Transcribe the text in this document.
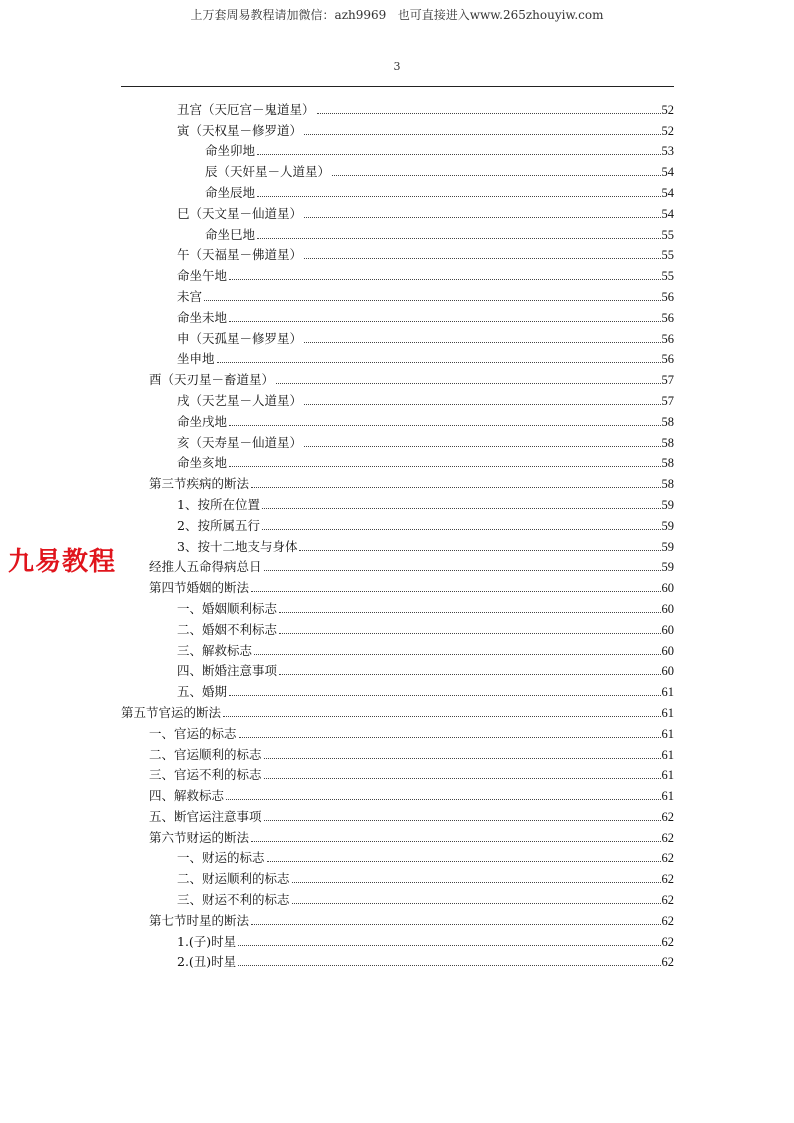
上万套周易教程请加微信：azh9969   也可直接进入www.265zhouyiw.com
3
丑宫（天厄宫－鬼道星）	52
寅（天权星－修罗道）	52
命坐卯地	53
辰（天奸星－人道星）	54
命坐辰地	54
巳（天文星－仙道星）	54
命坐巳地	55
午（天福星－佛道星）	55
命坐午地	55
未宫	56
命坐未地	56
申（天孤星－修罗星）	56
坐申地	56
酉（天刃星－畜道星）	57
戌（天艺星－人道星）	57
命坐戌地	58
亥（天寿星－仙道星）	58
命坐亥地	58
第三节疾病的断法	58
1、按所在位置	59
2、按所属五行	59
3、按十二地支与身体	59
经推人五命得病总日	59
第四节婚姻的断法	60
一、婚姻顺利标志	60
二、婚姻不利标志	60
三、解救标志	60
四、断婚注意事项	60
五、婚期	61
第五节官运的断法	61
一、官运的标志	61
二、官运顺利的标志	61
三、官运不利的标志	61
四、解救标志	61
五、断官运注意事项	62
第六节财运的断法	62
一、财运的标志	62
二、财运顺利的标志	62
三、财运不利的标志	62
第七节时星的断法	62
1.(子)时星	62
2.(丑)时星	62
九易教程
